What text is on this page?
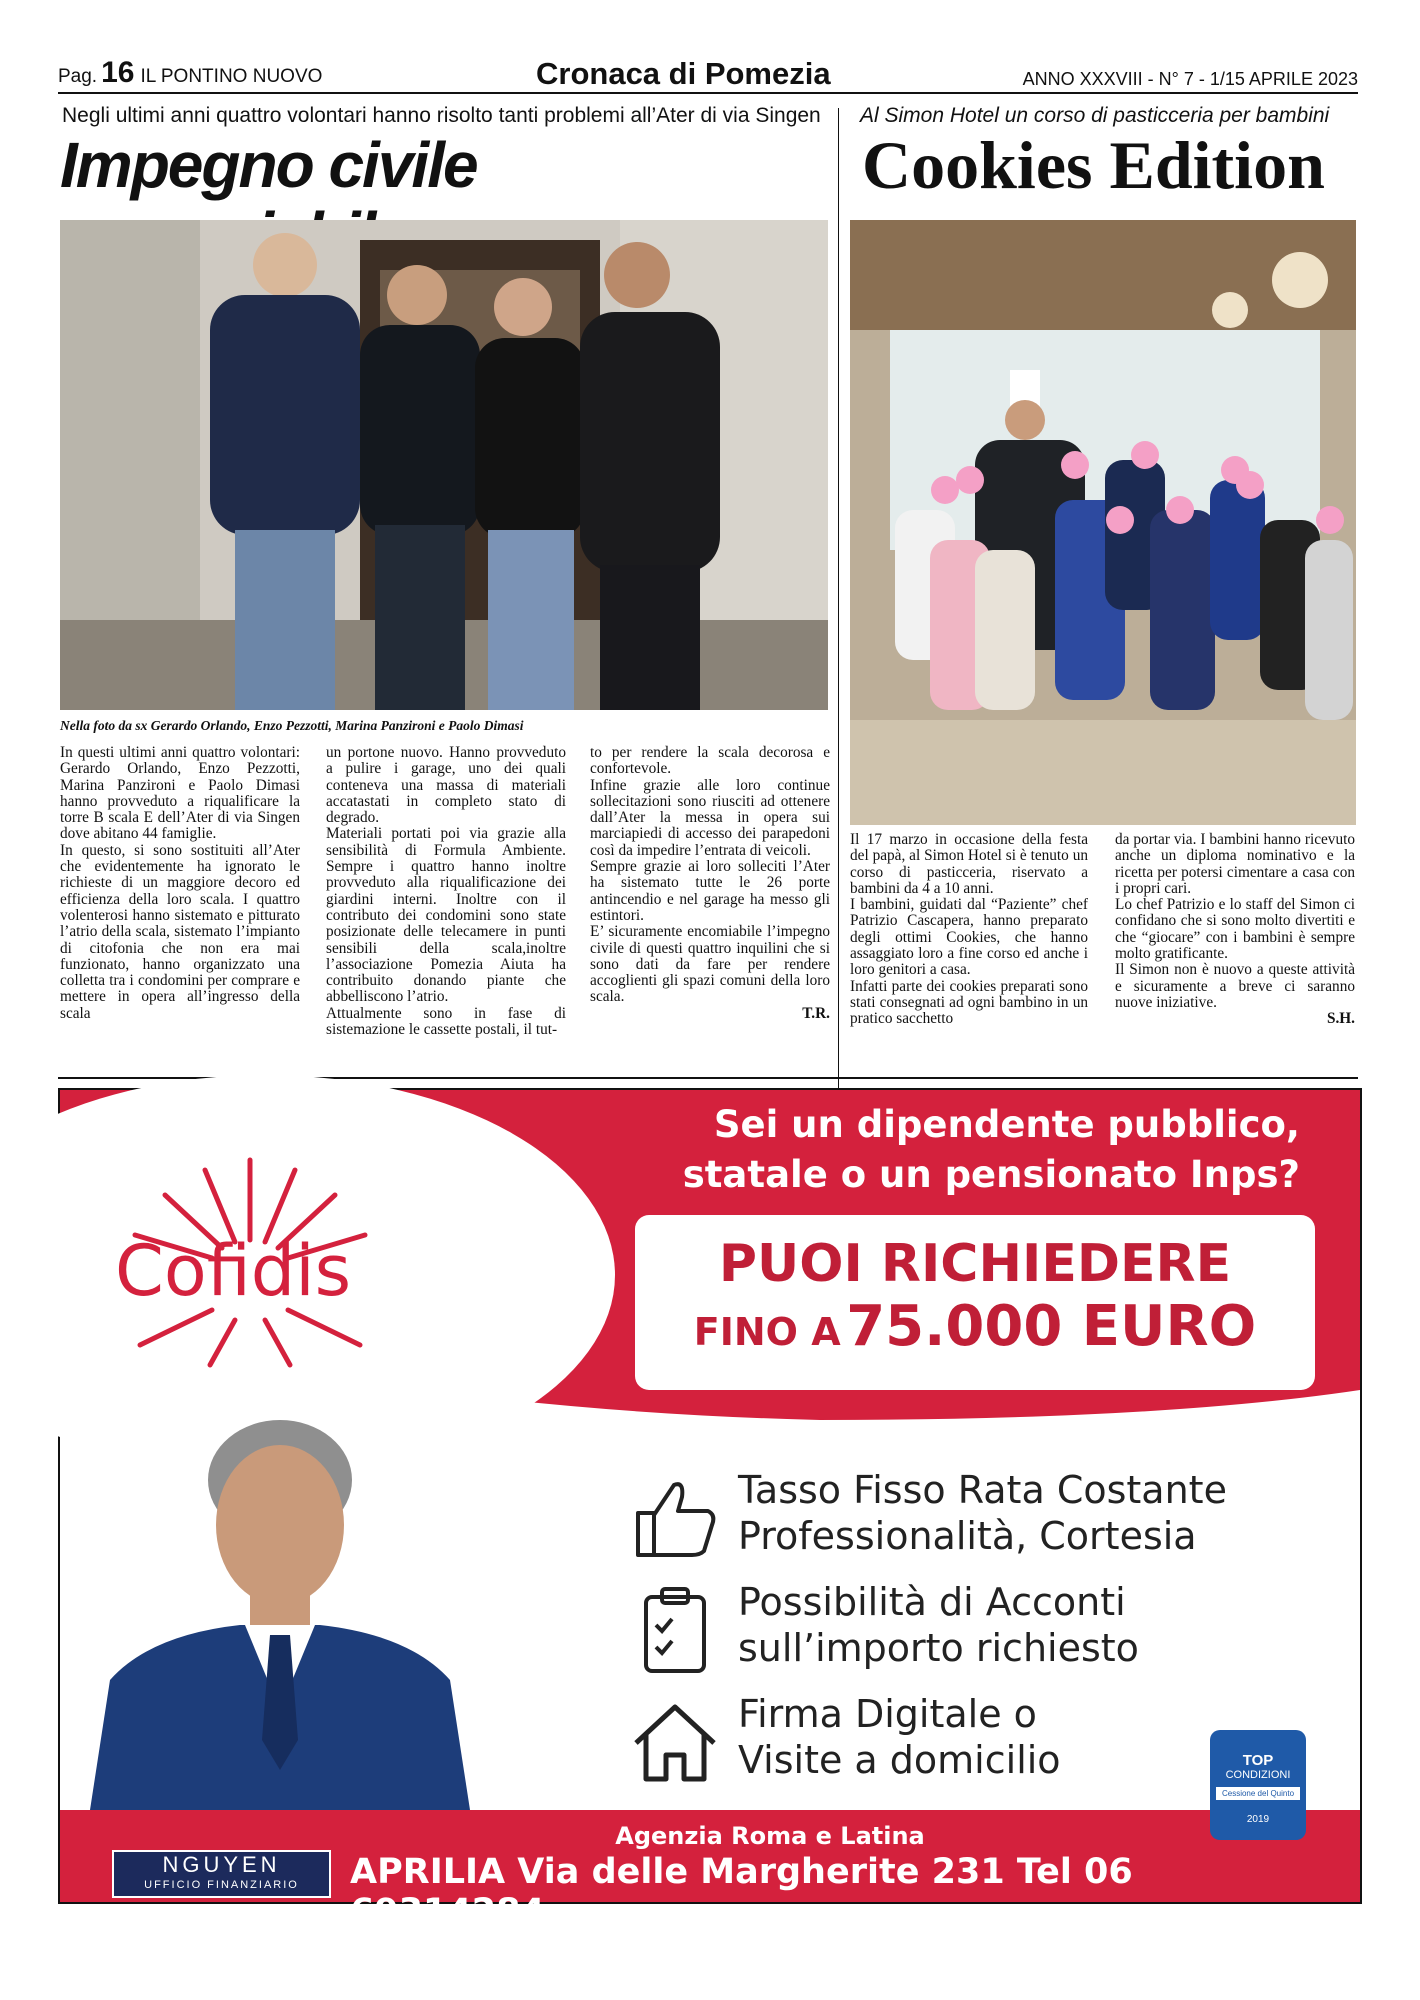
Pag. 16 IL PONTINO NUOVO	Cronaca di Pomezia	ANNO XXXVIII - N° 7 - 1/15 APRILE 2023
Negli ultimi anni quattro volontari hanno risolto tanti problemi all’Ater di via Singen
Impegno civile
Nella foto da sx Gerardo Orlando, Enzo Pezzotti, Marina Panzironi e Paolo Dimasi

In questi ultimi anni quattro volontari: Gerardo Orlando, Enzo Pezzotti, Marina Panzironi e Paolo Dimasi hanno provveduto a riqualificare la torre B scala E dell’Ater di via Singen dove abitano 44 famiglie.

In questo, si sono sostituiti all’Ater che evidentemente ha ignorato le richieste di un maggiore decoro ed efficienza della loro scala. I quattro volenterosi hanno sistemato e pitturato l’atrio della scala, sistemato l’impianto di citofonia che non era mai funzionato, hanno organizzato una colletta tra i condomini per comprare e mettere in opera all’ingresso della scala

un portone nuovo. Hanno provveduto a pulire i garage, uno dei quali conteneva una massa di materiali accatastati in completo stato di degrado.

Materiali portati poi via grazie alla sensibilità di Formula Ambiente. Sempre i quattro hanno inoltre provveduto alla riqualificazione dei giardini interni. Inoltre con il contributo dei condomini sono state posizionate delle telecamere in punti sensibili della scala,inoltre l’associazione Pomezia Aiuta ha contribuito donando piante che abbelliscono l’atrio.

Attualmente sono in fase di sistemazione le cassette postali, il tut-

to per rendere la scala decorosa e confortevole.

Infine grazie alle loro continue sollecitazioni sono riusciti ad ottenere dall’Ater la messa in opera sui marciapiedi di accesso dei parapedoni così da impedire l’entrata di veicoli.

Sempre grazie ai loro solleciti l’Ater ha sistemato tutte le 26 porte antincendio e nel garage ha messo gli estintori.

E’ sicuramente encomiabile l’impegno civile di questi quattro inquilini che si sono dati da fare per rendere accoglienti gli spazi comuni della loro scala.

T.R.

Al Simon Hotel un corso di pasticceria per bambini
Cookies Edition

Il 17 marzo in occasione della festa del papà, al Simon Hotel si è tenuto un corso di pasticceria, riservato a bambini da 4 a 10 anni.

I bambini, guidati dal “Paziente” chef Patrizio Cascapera, hanno preparato degli ottimi Cookies, che hanno assaggiato loro a fine corso ed anche i loro genitori a casa.

Infatti parte dei cookies preparati sono stati consegnati ad ogni bambino in un pratico sacchetto

da portar via. I bambini hanno ricevuto anche un diploma nominativo e la ricetta per potersi cimentare a casa con i propri cari.

Lo chef Patrizio e lo staff del Simon ci confidano che si sono molto divertiti e che “giocare” con i bambini è sempre molto gratificante.

Il Simon non è nuovo a queste attività e sicuramente a breve ci saranno nuove iniziative.

S.H.

Cofidis
Sei un dipendente pubblico,
statale o un pensionato Inps?
PUOI RICHIEDERE
FINO A 75.000 EURO
Tasso Fisso Rata Costante
Professionalità, Cortesia
Possibilità di Acconti
sull’importo richiesto
Firma Digitale o
Visite a domicilio	TOP
CONDIZIONI
Cessione del Quinto
2019
Agenzia Roma e Latina
NGUYEN
UFFICIO FINANZIARIO	APRILIA Via delle Margherite 231 Tel 06 69314284
